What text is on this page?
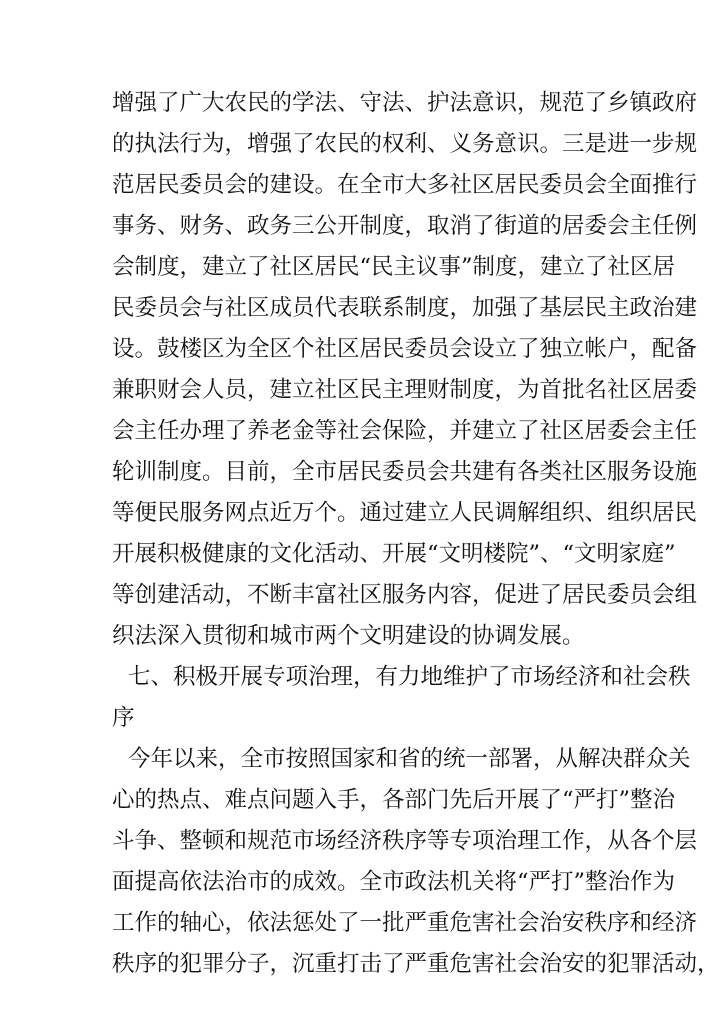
增强了广大农民的学法、守法、护法意识，规范了乡镇政府
的执法行为，增强了农民的权利、义务意识。三是进一步规
范居民委员会的建设。在全市大多社区居民委员会全面推行
事务、财务、政务三公开制度，取消了街道的居委会主任例
会制度，建立了社区居民“民主议事”制度，建立了社区居
民委员会与社区成员代表联系制度，加强了基层民主政治建
设。鼓楼区为全区个社区居民委员会设立了独立帐户，配备
兼职财会人员，建立社区民主理财制度，为首批名社区居委
会主任办理了养老金等社会保险，并建立了社区居委会主任
轮训制度。目前，全市居民委员会共建有各类社区服务设施
等便民服务网点近万个。通过建立人民调解组织、组织居民
开展积极健康的文化活动、开展“文明楼院”、“文明家庭”
等创建活动，不断丰富社区服务内容，促进了居民委员会组
织法深入贯彻和城市两个文明建设的协调发展。
七、积极开展专项治理，有力地维护了市场经济和社会秩
序
今年以来，全市按照国家和省的统一部署，从解决群众关
心的热点、难点问题入手，各部门先后开展了“严打”整治
斗争、整顿和规范市场经济秩序等专项治理工作，从各个层
面提高依法治市的成效。全市政法机关将“严打”整治作为
工作的轴心，依法惩处了一批严重危害社会治安秩序和经济
秩序的犯罪分子，沉重打击了严重危害社会治安的犯罪活动，
